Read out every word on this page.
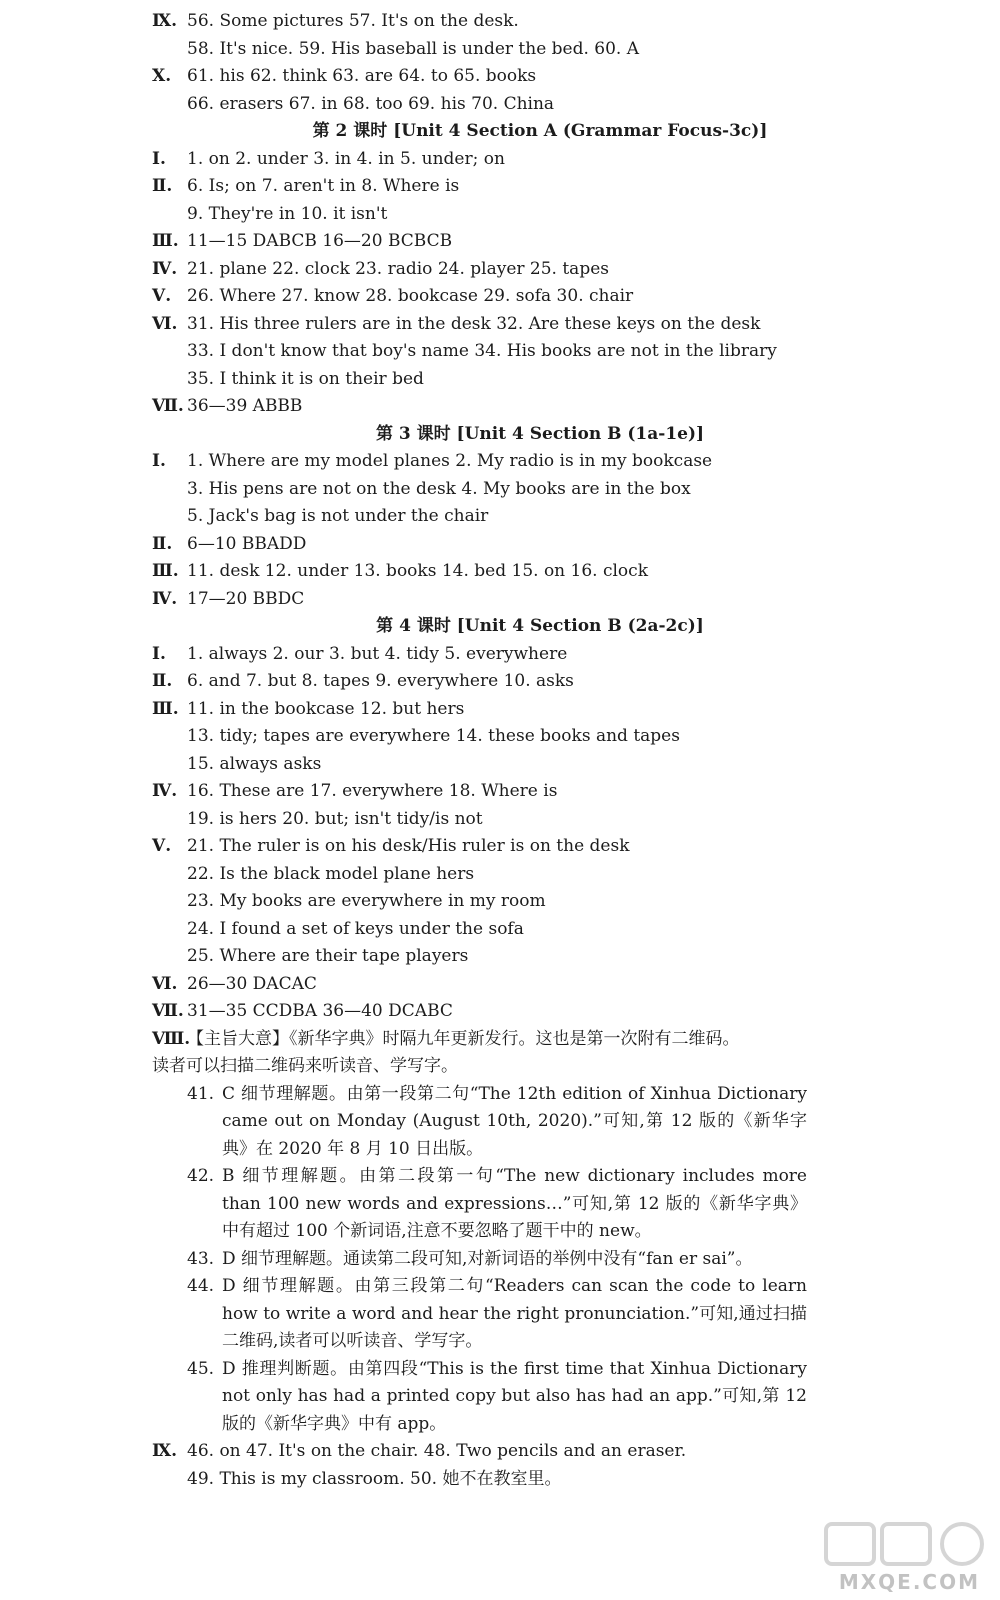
Ⅸ. 56. Some pictures 57. It's on the desk.
58. It's nice. 59. His baseball is under the bed. 60. A
Ⅹ. 61. his 62. think 63. are 64. to 65. books
66. erasers 67. in 68. too 69. his 70. China
第 2 课时 [Unit 4 Section A (Grammar Focus-3c)]
Ⅰ.	1. on 2. under 3. in 4. in 5. under; on
Ⅱ. 6. Is; on 7. aren't in 8. Where is
9. They're in 10. it isn't
Ⅲ. 11—15 DABCB 16—20 BCBCB
Ⅳ. 21. plane 22. clock 23. radio 24. player 25. tapes
Ⅴ. 26. Where 27. know 28. bookcase 29. sofa 30. chair
Ⅵ. 31. His three rulers are in the desk 32. Are these keys on the desk
33. I don't know that boy's name 34. His books are not in the library
35. I think it is on their bed
Ⅶ. 36—39 ABBB
第 3 课时 [Unit 4 Section B (1a-1e)]
Ⅰ.	1. Where are my model planes 2. My radio is in my bookcase
3. His pens are not on the desk 4. My books are in the box
5. Jack's bag is not under the chair
Ⅱ. 6—10 BBADD
Ⅲ. 11. desk 12. under 13. books 14. bed 15. on 16. clock
Ⅳ. 17—20 BBDC
第 4 课时 [Unit 4 Section B (2a-2c)]
Ⅰ.	1. always 2. our 3. but 4. tidy 5. everywhere
Ⅱ. 6. and 7. but 8. tapes 9. everywhere 10. asks
Ⅲ. 11. in the bookcase 12. but hers
13. tidy; tapes are everywhere 14. these books and tapes
15. always asks
Ⅳ. 16. These are 17. everywhere 18. Where is
19. is hers 20. but; isn't tidy/is not
Ⅴ. 21. The ruler is on his desk/His ruler is on the desk
22. Is the black model plane hers
23. My books are everywhere in my room
24. I found a set of keys under the sofa
25. Where are their tape players
Ⅵ. 26—30 DACAC
Ⅶ. 31—35 CCDBA 36—40 DCABC
Ⅷ.
【主旨大意】《新华字典》时隔九年更新发行。这也是第一次附有二维码。
读者可以扫描二维码来听读音、学写字。
41. C 细节理解题。由第一段第二句“The 12th edition of Xinhua Dictionary came out on Monday (August 10th, 2020).”可知,第 12 版的《新华字典》在 2020 年 8 月 10 日出版。
42. B 细节理解题。由第二段第一句“The new dictionary includes more than 100 new words and expressions…”可知,第 12 版的《新华字典》中有超过 100 个新词语,注意不要忽略了题干中的 new。
43. D 细节理解题。通读第二段可知,对新词语的举例中没有“fan er sai”。
44. D 细节理解题。由第三段第二句“Readers can scan the code to learn how to write a word and hear the right pronunciation.”可知,通过扫描二维码,读者可以听读音、学写字。
45. D 推理判断题。由第四段“This is the first time that Xinhua Dictionary not only has had a printed copy but also has had an app.”可知,第 12 版的《新华字典》中有 app。
Ⅸ. 46. on 47. It's on the chair. 48. Two pencils and an eraser.
49. This is my classroom. 50. 她不在教室里。
MXQE.COM
